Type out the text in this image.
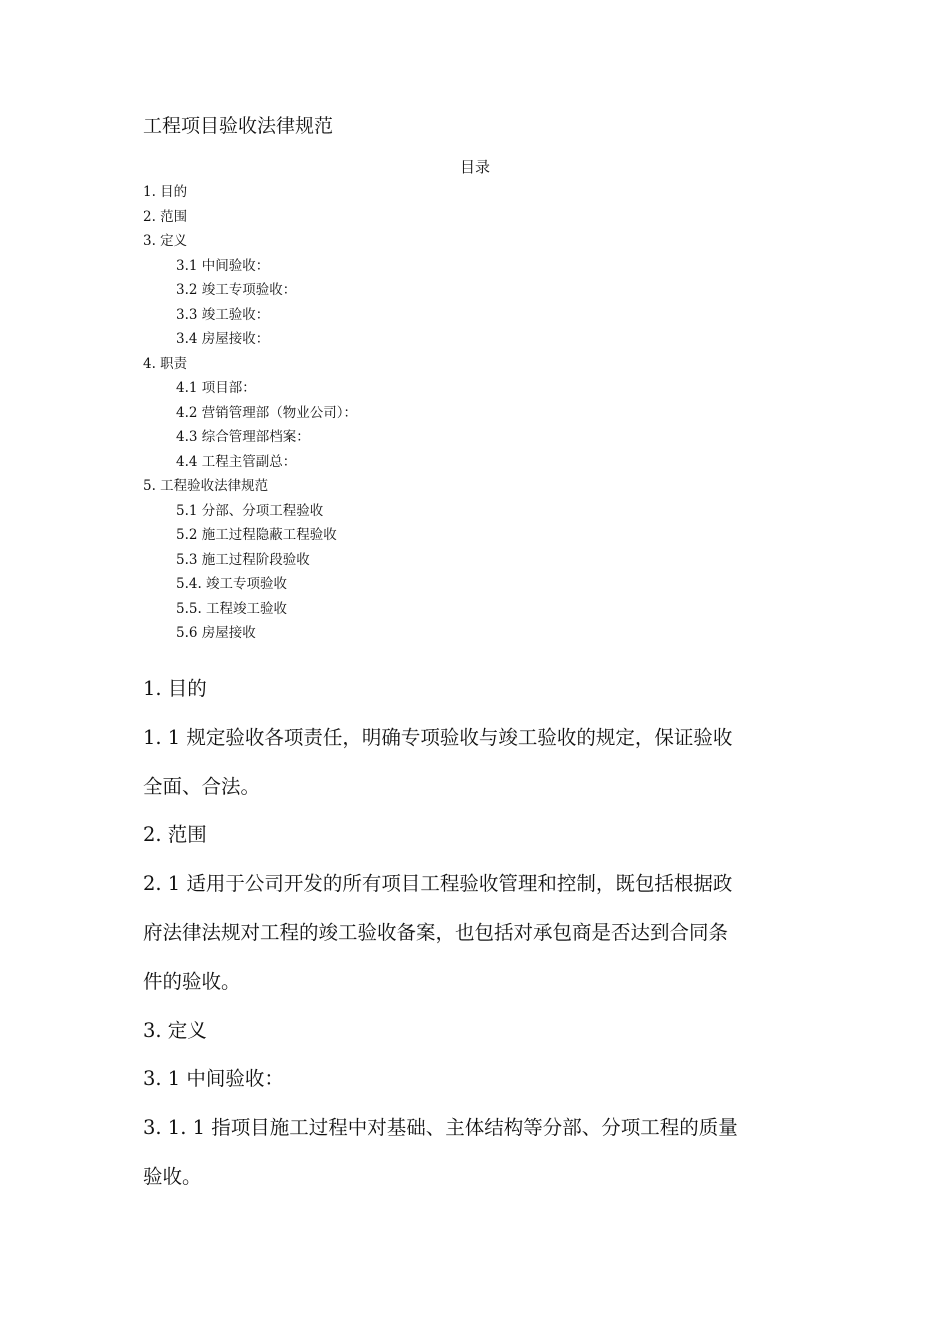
工程项目验收法律规范
目录
1. 目的
2. 范围
3. 定义
3.1 中间验收：
3.2 竣工专项验收：
3.3 竣工验收：
3.4 房屋接收：
4. 职责
4.1 项目部：
4.2 营销管理部（物业公司）：
4.3 综合管理部档案：
4.4 工程主管副总：
5. 工程验收法律规范
5.1 分部、分项工程验收
5.2 施工过程隐蔽工程验收
5.3 施工过程阶段验收
5.4. 竣工专项验收
5.5. 工程竣工验收
5.6 房屋接收
1. 目的
1. 1 规定验收各项责任，明确专项验收与竣工验收的规定，保证验收
全面、合法。
2. 范围
2. 1 适用于公司开发的所有项目工程验收管理和控制，既包括根据政
府法律法规对工程的竣工验收备案，也包括对承包商是否达到合同条
件的验收。
3. 定义
3. 1 中间验收：
3. 1. 1 指项目施工过程中对基础、主体结构等分部、分项工程的质量
验收。
